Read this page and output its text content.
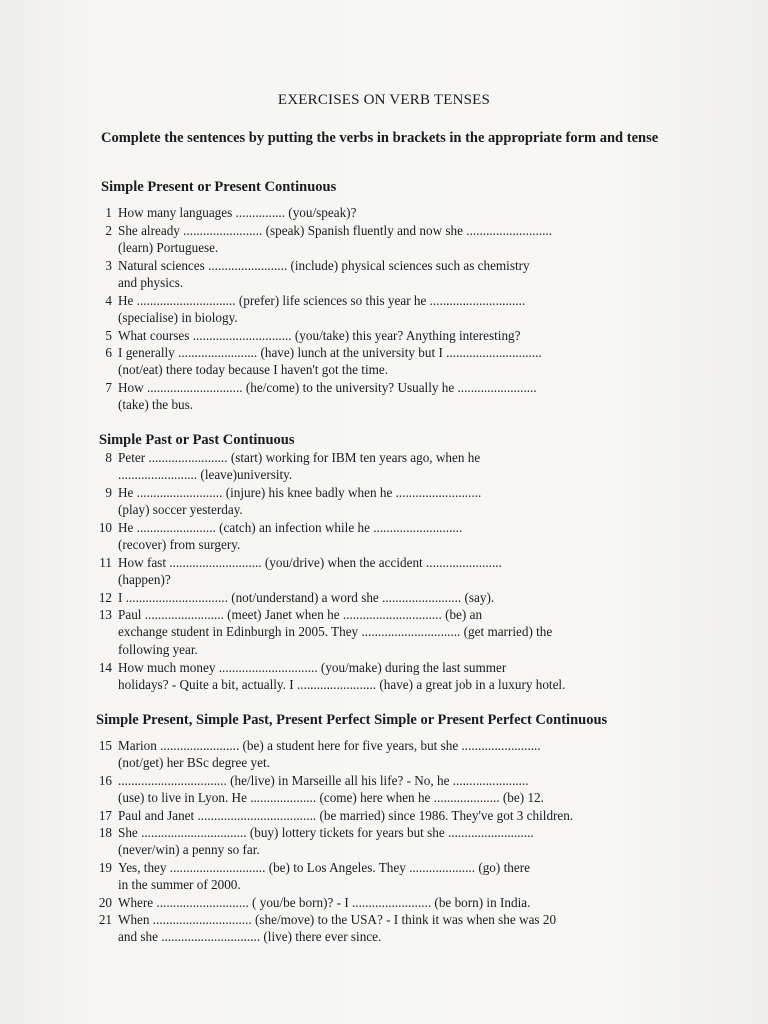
EXERCISES ON VERB TENSES
Complete the sentences by putting the verbs in brackets in the appropriate form and tense
Simple Present or Present Continuous
1 How many languages ............... (you/speak)?
2 She already ........................ (speak) Spanish fluently and now she ..........................
(learn) Portuguese.
3 Natural sciences ........................ (include) physical sciences such as chemistry
and physics.
4 He .............................. (prefer) life sciences so this year he .............................
(specialise) in biology.
5 What courses .............................. (you/take) this year? Anything interesting?
6 I generally ........................ (have) lunch at the university but I .............................
(not/eat) there today because I haven't got the time.
7 How ............................. (he/come) to the university? Usually he ........................
(take) the bus.
Simple Past or Past Continuous
8 Peter ........................ (start) working for IBM ten years ago, when he
........................ (leave)university.
9 He .......................... (injure) his knee badly when he ..........................
(play) soccer yesterday.
10 He ........................ (catch) an infection while he ...........................
(recover) from surgery.
11 How fast ............................ (you/drive) when the accident .......................
(happen)?
12 I ............................... (not/understand) a word she ........................ (say).
13 Paul ........................ (meet) Janet when he .............................. (be) an
exchange student in Edinburgh in 2005. They .............................. (get married) the
following year.
14 How much money .............................. (you/make) during the last summer
holidays? - Quite a bit, actually. I ........................ (have) a great job in a luxury hotel.
Simple Present, Simple Past, Present Perfect Simple or Present Perfect Continuous
15 Marion ........................ (be) a student here for five years, but she ........................
(not/get) her BSc degree yet.
16 ................................. (he/live) in Marseille all his life? - No, he .......................
(use) to live in Lyon. He .................... (come) here when he .................... (be) 12.
17 Paul and Janet .................................... (be married) since 1986. They've got 3 children.
18 She ................................ (buy) lottery tickets for years but she ..........................
(never/win) a penny so far.
19 Yes, they ............................. (be) to Los Angeles. They .................... (go) there
in the summer of 2000.
20 Where ............................ ( you/be born)? - I ........................ (be born) in India.
21 When .............................. (she/move) to the USA? - I think it was when she was 20
and she .............................. (live) there ever since.
